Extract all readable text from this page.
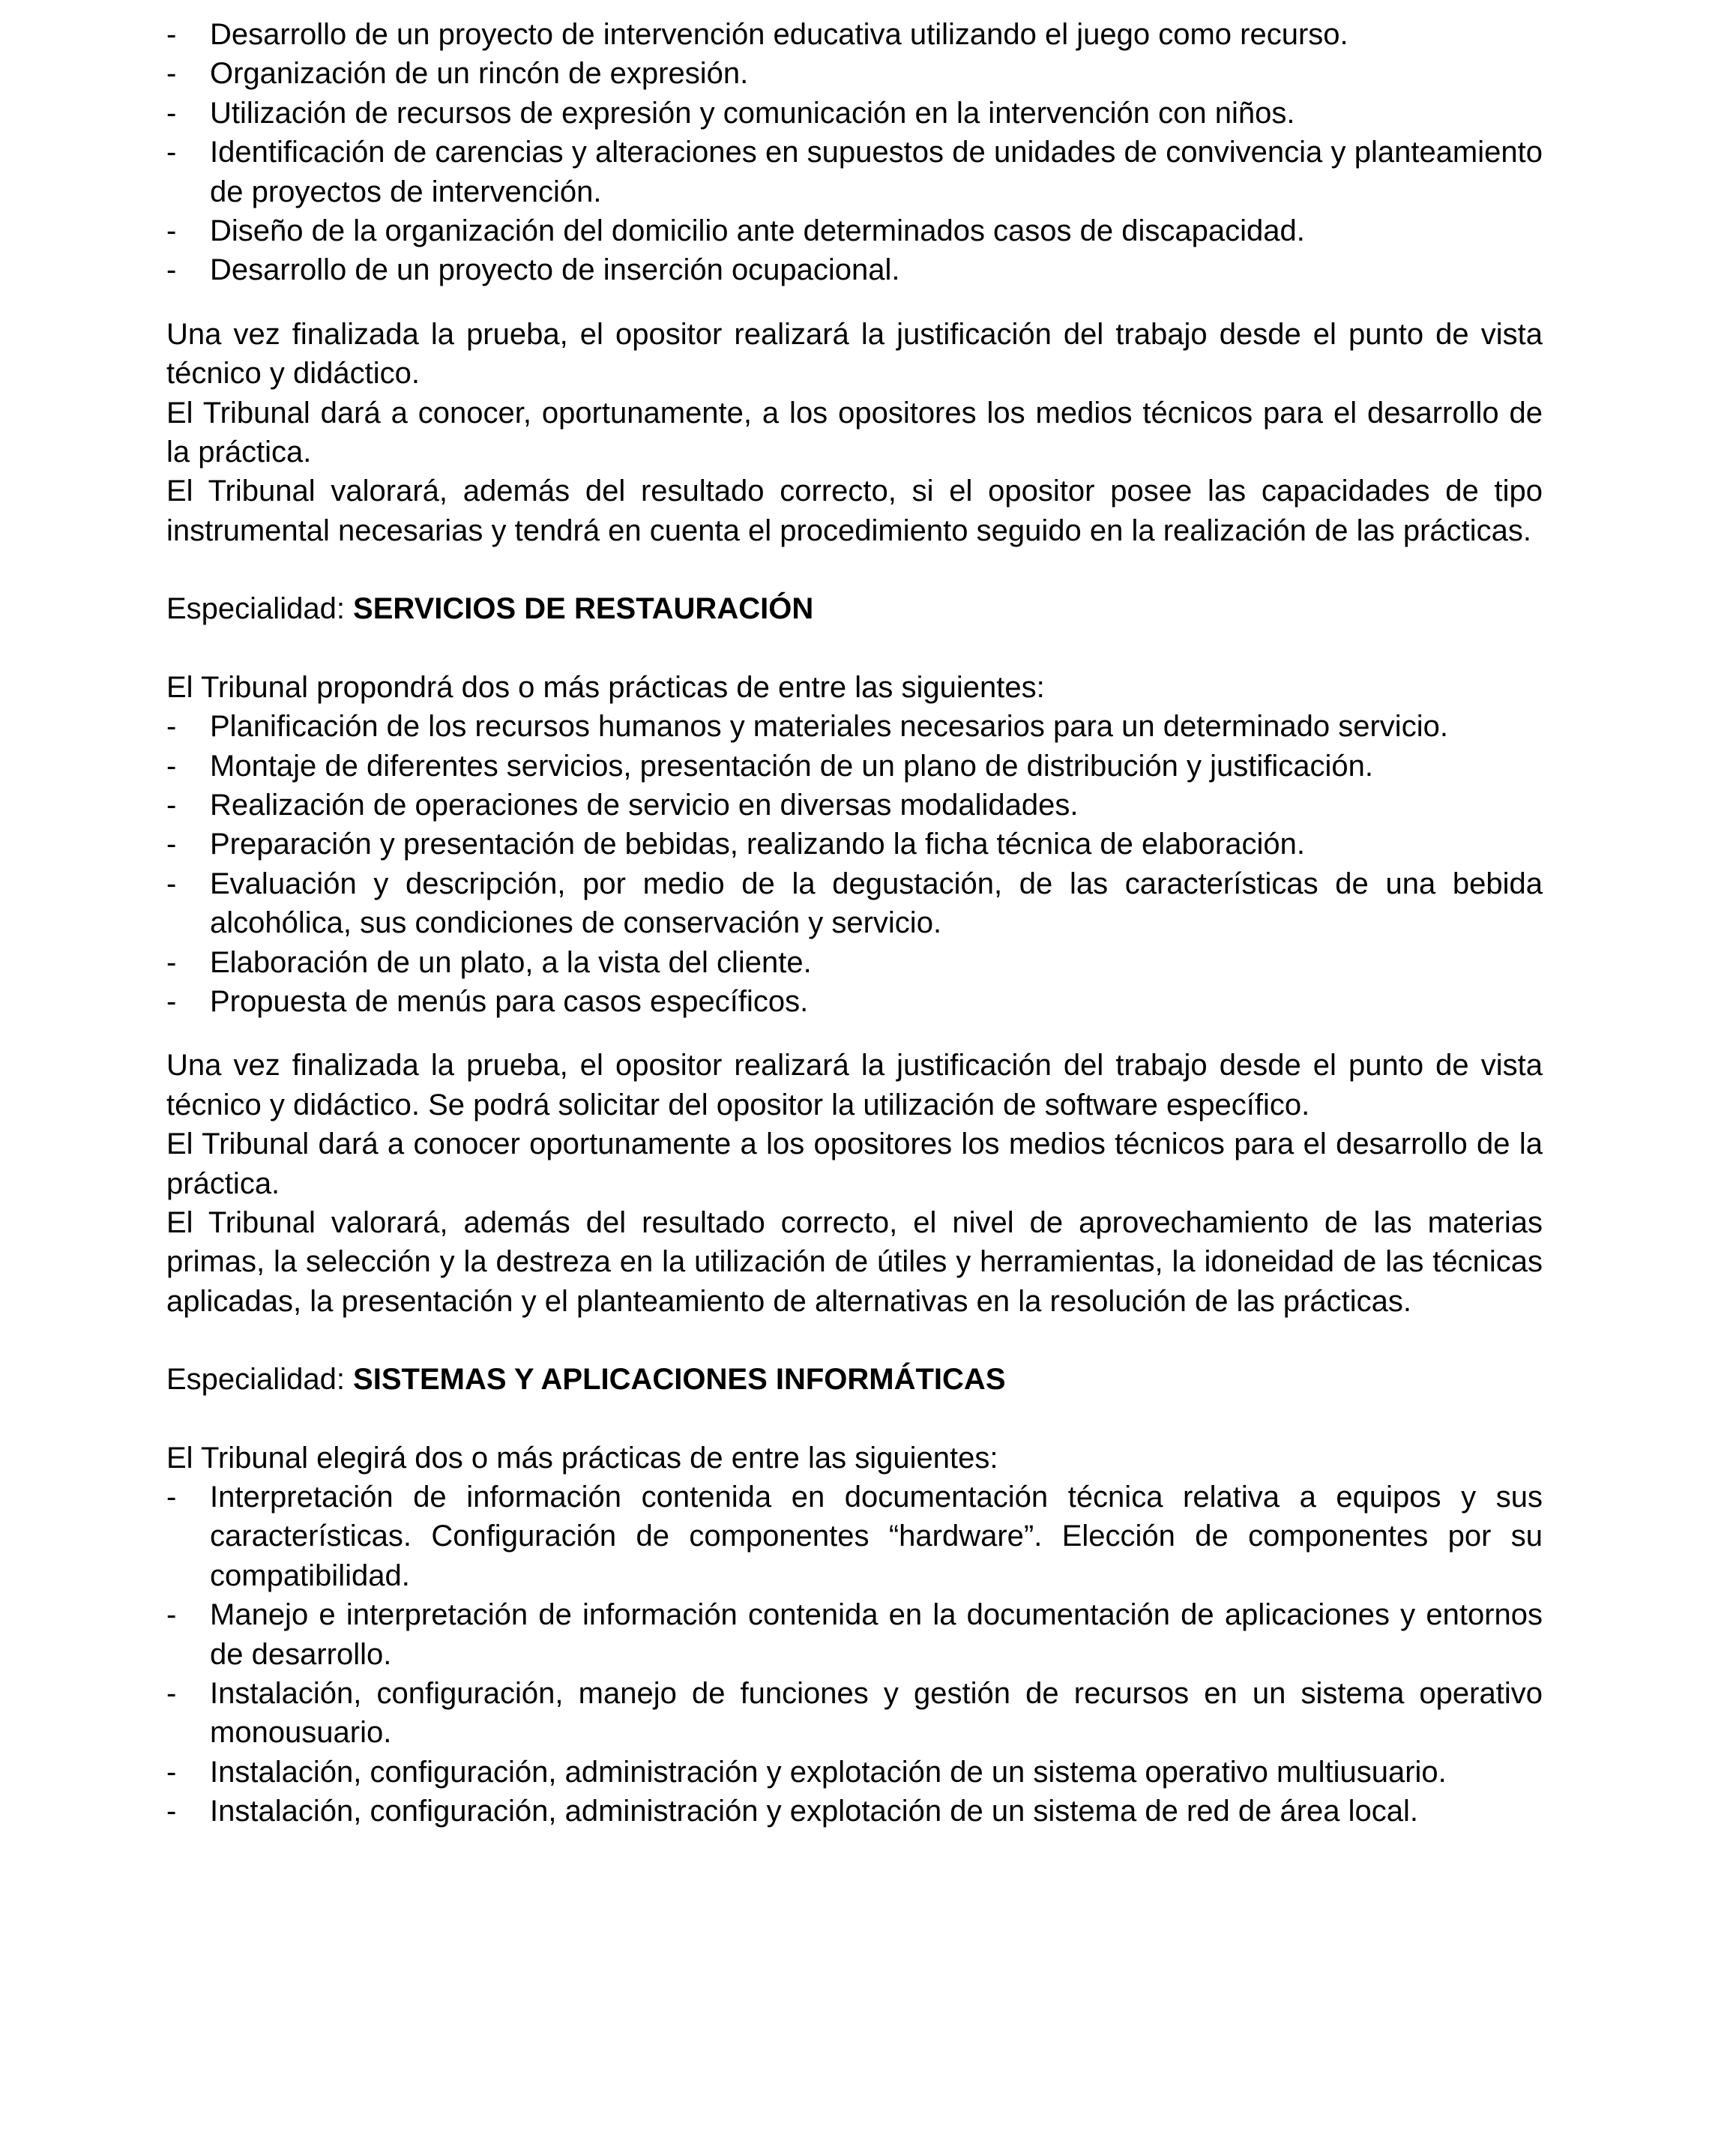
- Desarrollo de un proyecto de intervención educativa utilizando el juego como recurso.
- Organización de un rincón de expresión.
- Utilización de recursos de expresión y comunicación en la intervención con niños.
- Identificación de carencias y alteraciones en supuestos de unidades de convivencia y planteamiento de proyectos de intervención.
- Diseño de la organización del domicilio ante determinados casos de discapacidad.
- Desarrollo de un proyecto de inserción ocupacional.

Una vez finalizada la prueba, el opositor realizará la justificación del trabajo desde el punto de vista técnico y didáctico.

El Tribunal dará a conocer, oportunamente, a los opositores los medios técnicos para el desarrollo de la práctica.

El Tribunal valorará, además del resultado correcto, si el opositor posee las capacidades de tipo instrumental necesarias y tendrá en cuenta el procedimiento seguido en la realización de las prácticas.

Especialidad: SERVICIOS DE RESTAURACIÓN

El Tribunal propondrá dos o más prácticas de entre las siguientes:

- Planificación de los recursos humanos y materiales necesarios para un determinado servicio.
- Montaje de diferentes servicios, presentación de un plano de distribución y justificación.
- Realización de operaciones de servicio en diversas modalidades.
- Preparación y presentación de bebidas, realizando la ficha técnica de elaboración.
- Evaluación y descripción, por medio de la degustación, de las características de una bebida alcohólica, sus condiciones de conservación y servicio.
- Elaboración de un plato, a la vista del cliente.
- Propuesta de menús para casos específicos.

Una vez finalizada la prueba, el opositor realizará la justificación del trabajo desde el punto de vista técnico y didáctico. Se podrá solicitar del opositor la utilización de software específico.

El Tribunal dará a conocer oportunamente a los opositores los medios técnicos para el desarrollo de la práctica.

El Tribunal valorará, además del resultado correcto, el nivel de aprovechamiento de las materias primas, la selección y la destreza en la utilización de útiles y herramientas, la idoneidad de las técnicas aplicadas, la presentación y el planteamiento de alternativas en la resolución de las prácticas.

Especialidad: SISTEMAS Y APLICACIONES INFORMÁTICAS

El Tribunal elegirá dos o más prácticas de entre las siguientes:

- Interpretación de información contenida en documentación técnica relativa a equipos y sus características. Configuración de componentes “hardware”. Elección de componentes por su compatibilidad.
- Manejo e interpretación de información contenida en la documentación de aplicaciones y entornos de desarrollo.
- Instalación, configuración, manejo de funciones y gestión de recursos en un sistema operativo monousuario.
- Instalación, configuración, administración y explotación de un sistema operativo multiusuario.
- Instalación, configuración, administración y explotación de un sistema de red de área local.
